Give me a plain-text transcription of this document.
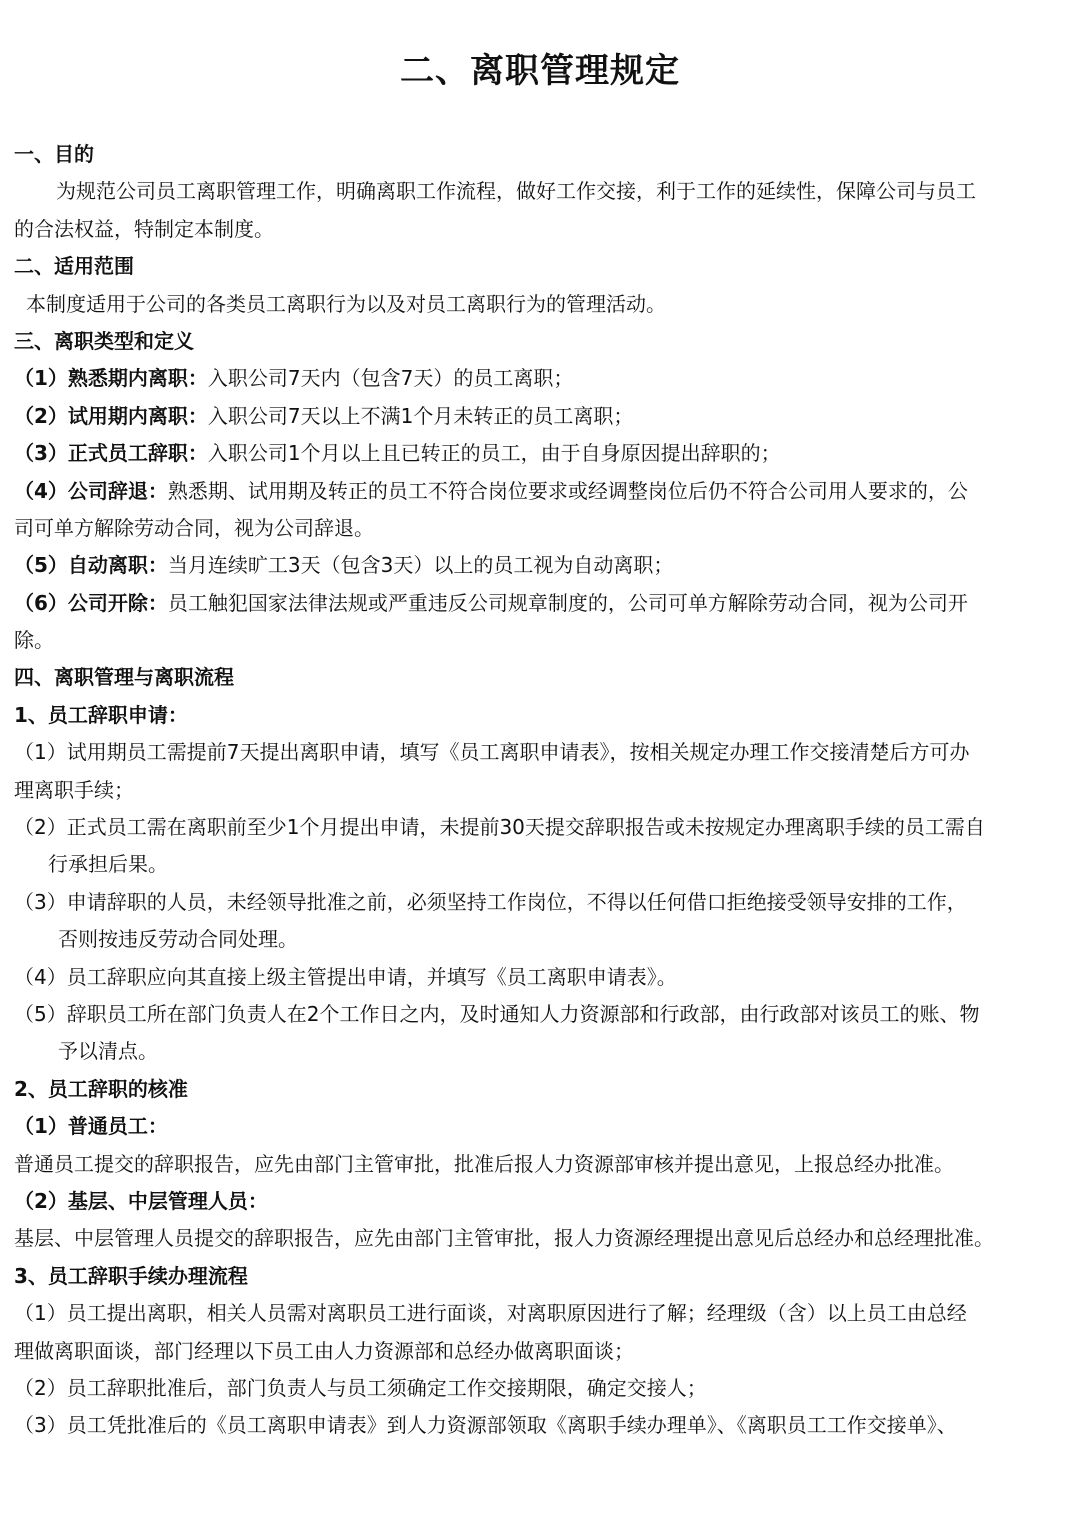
二、离职管理规定
一、目的
为规范公司员工离职管理工作，明确离职工作流程，做好工作交接，利于工作的延续性，保障公司与员工
的合法权益，特制定本制度。
二、适用范围
本制度适用于公司的各类员工离职行为以及对员工离职行为的管理活动。
三、离职类型和定义
（1）熟悉期内离职：入职公司7天内（包含7天）的员工离职；
（2）试用期内离职：入职公司7天以上不满1个月未转正的员工离职；
（3）正式员工辞职：入职公司1个月以上且已转正的员工，由于自身原因提出辞职的；
（4）公司辞退：熟悉期、试用期及转正的员工不符合岗位要求或经调整岗位后仍不符合公司用人要求的，公
司可单方解除劳动合同，视为公司辞退。
（5）自动离职：当月连续旷工3天（包含3天）以上的员工视为自动离职；
（6）公司开除：员工触犯国家法律法规或严重违反公司规章制度的，公司可单方解除劳动合同，视为公司开
除。
四、离职管理与离职流程
1、员工辞职申请：
（1）试用期员工需提前7天提出离职申请，填写《员工离职申请表》，按相关规定办理工作交接清楚后方可办
理离职手续；
（2）正式员工需在离职前至少1个月提出申请，未提前30天提交辞职报告或未按规定办理离职手续的员工需自
行承担后果。
（3）申请辞职的人员，未经领导批准之前，必须坚持工作岗位，不得以任何借口拒绝接受领导安排的工作，
否则按违反劳动合同处理。
（4）员工辞职应向其直接上级主管提出申请，并填写《员工离职申请表》。
（5）辞职员工所在部门负责人在2个工作日之内，及时通知人力资源部和行政部，由行政部对该员工的账、物
予以清点。
2、员工辞职的核准
（1）普通员工：
普通员工提交的辞职报告，应先由部门主管审批，批准后报人力资源部审核并提出意见，上报总经办批准。
（2）基层、中层管理人员：
基层、中层管理人员提交的辞职报告，应先由部门主管审批，报人力资源经理提出意见后总经办和总经理批准。
3、员工辞职手续办理流程
（1）员工提出离职，相关人员需对离职员工进行面谈，对离职原因进行了解；经理级（含）以上员工由总经
理做离职面谈，部门经理以下员工由人力资源部和总经办做离职面谈；
（2）员工辞职批准后，部门负责人与员工须确定工作交接期限，确定交接人；
（3）员工凭批准后的《员工离职申请表》到人力资源部领取《离职手续办理单》、《离职员工工作交接单》、
